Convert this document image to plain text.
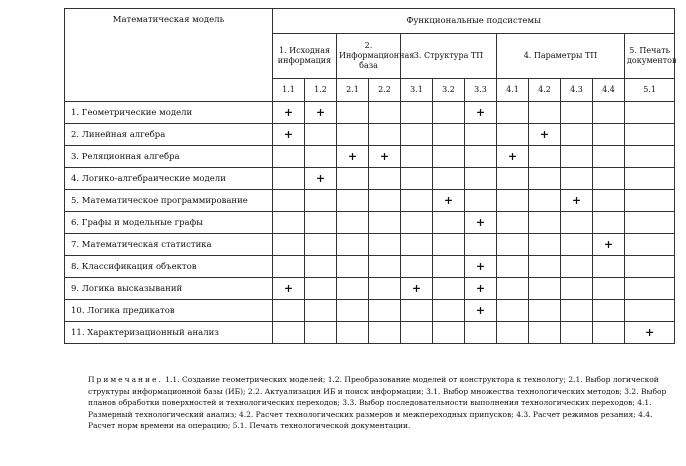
Математическая модель	Функциональные подсистемы											
	1. Исходная информация		2. Информационная база		3. Структура ТП			4. Параметры ТП				5. Печать документов
	1.1	1.2	2.1	2.2	3.1	3.2	3.3	4.1	4.2	4.3	4.4	5.1
1. Геометрические модели	+	+					+					
2. Линейная алгебра	+								+			
3. Реляционная алгебра			+	+				+				
4. Логико-алгебраические модели		+										
5. Математическое программирование						+				+		
6. Графы и модельные графы							+					
7. Математическая статистика											+	
8. Классификация объектов							+					
9. Логика высказываний	+				+		+					
10. Логика предикатов							+					
11. Характеризационный анализ												+
Примечание. 1.1. Создание геометрических моделей; 1.2. Преобразование моделей от конструктора к технологу; 2.1. Выбор логической структуры информационной базы (ИБ); 2.2. Актуализация ИБ и поиск информации; 3.1. Выбор множества технологических методов; 3.2. Выбор планов обработки поверхностей и технологических переходов; 3.3. Выбор последовательности выполнения технологических переходов; 4.1. Размерный технологический анализ; 4.2. Расчет технологических размеров и межпереходных припусков; 4.3. Расчет режимов резания; 4.4. Расчет норм времени на операцию; 5.1. Печать технологической документации.
